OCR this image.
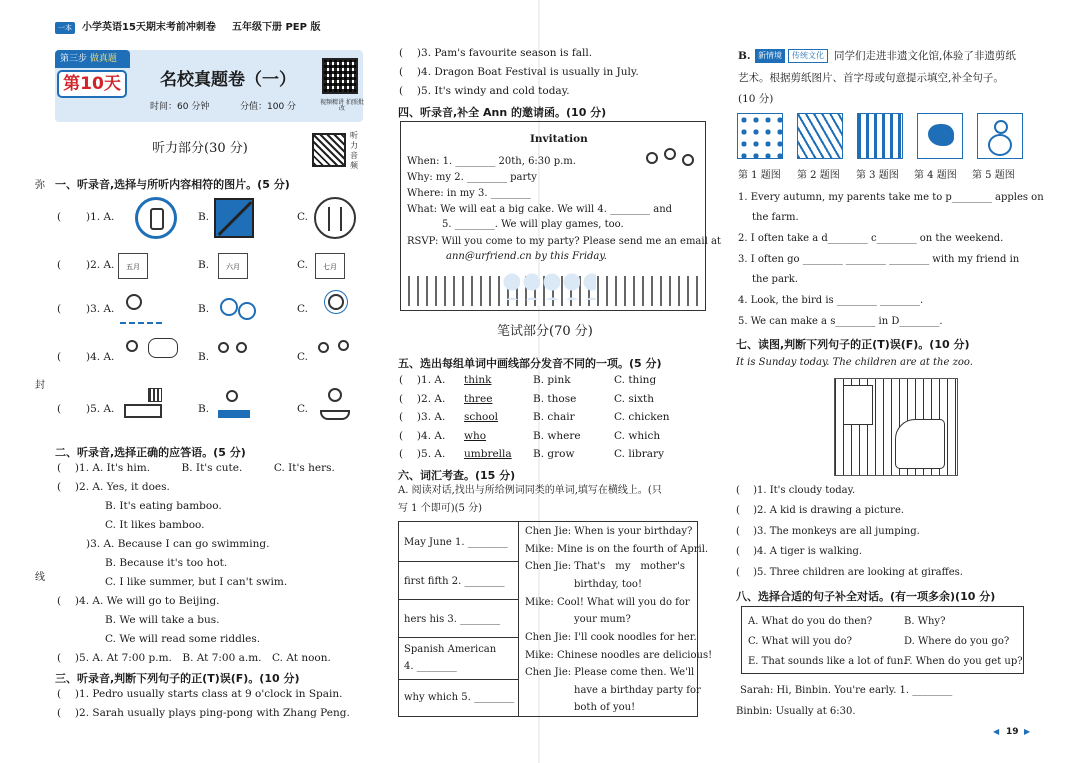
一本	小学英语15天期末考前冲刺卷 五年级下册 PEP 版
第三步 做真题
第10天	名校真题卷（一）
时间：60 分钟	分值：100 分	视频精讲 拍照批改
听力部分(30 分)
听力音频
弥
封
线
一、听录音,选择与所听内容相符的图片。(5 分)
( )1. A.	B.	C.
( )2. A.	五月	B.	六月	C.	七月
( )3. A.	B.	C.
( )4. A.	B.	C.
( )5. A.	B.	C.
二、听录音,选择正确的应答语。(5 分)
(　 )1. A. It's him.　　　B. It's cute.　　　C. It's hers.
(　 )2. A. Yes, it does.
B. It's eating bamboo.
C. It likes bamboo.
)3. A. Because I can go swimming.
B. Because it's too hot.
C. I like summer, but I can't swim.
(　 )4. A. We will go to Beijing.
B. We will take a bus.
C. We will read some riddles.
(　 )5. A. At 7:00 p.m.　B. At 7:00 a.m.　C. At noon.
三、听录音,判断下列句子的正(T)误(F)。(10 分)
(　 )1. Pedro usually starts class at 9 o'clock in Spain.
(　 )2. Sarah usually plays ping-pong with Zhang Peng.
(　 )3. Pam's favourite season is fall.
(　 )4. Dragon Boat Festival is usually in July.
(　 )5. It's windy and cold today.
四、听录音,补全 Ann 的邀请函。(10 分)
Invitation
When: 1. ________ 20th, 6:30 p.m.
Why: my 2. ________ party
Where: in my 3. ________
What: We will eat a big cake. We will 4. ________ and
5. ________. We will play games, too.
RSVP: Will you come to my party? Please send me an email at
ann@urfriend.cn by this Friday.
笔试部分(70 分)
五、选出每组单词中画线部分发音不同的一项。(5 分)
(　 )1. A. think	B. pink	C. thing
(　 )2. A. three	B. those	C. sixth
(　 )3. A. school	B. chair	C. chicken
(　 )4. A. who	B. where	C. which
(　 )5. A. umbrella B. grow	C. library
六、词汇考查。(15 分)
A. 阅读对话,找出与所给例词同类的单词,填写在横线上。(只
写 1 个即可)(5 分)
May June 1. ________
first fifth 2. ________
hers his 3. ________
Spanish American
4. ________
why which 5. ________
Chen Jie: When is your birthday?
Mike: Mine is on the fourth of April.
Chen Jie: That's　my　mother's
birthday, too!
Mike: Cool! What will you do for
your mum?
Chen Jie: I'll cook noodles for her.
Mike: Chinese noodles are delicious!
Chen Jie: Please come then. We'll
have a birthday party for
both of you!
B. 新情境	传统文化 同学们走进非遗文化馆,体验了非遗剪纸
艺术。根据剪纸图片、首字母或句意提示填空,补全句子。
(10 分)
第 1 题图 第 2 题图 第 3 题图 第 4 题图 第 5 题图
1. Every autumn, my parents take me to p________ apples on
the farm.
2. I often take a d________ c________ on the weekend.
3. I often go ________ ________ ________ with my friend in
the park.
4. Look, the bird is ________ ________.
5. We can make a s________ in D________.
七、读图,判断下列句子的正(T)误(F)。(10 分)
It is Sunday today. The children are at the zoo.
(　 )1. It's cloudy today.
(　 )2. A kid is drawing a picture.
(　 )3. The monkeys are all jumping.
(　 )4. A tiger is walking.
(　 )5. Three children are looking at giraffes.
八、选择合适的句子补全对话。(有一项多余)(10 分)
A. What do you do then?	B. Why?
C. What will you do?	D. Where do you go?
E. That sounds like a lot of fun.
F. When do you get up?
Sarah: Hi, Binbin. You're early. 1. ________
Binbin: Usually at 6:30.
◀ 19 ▶
